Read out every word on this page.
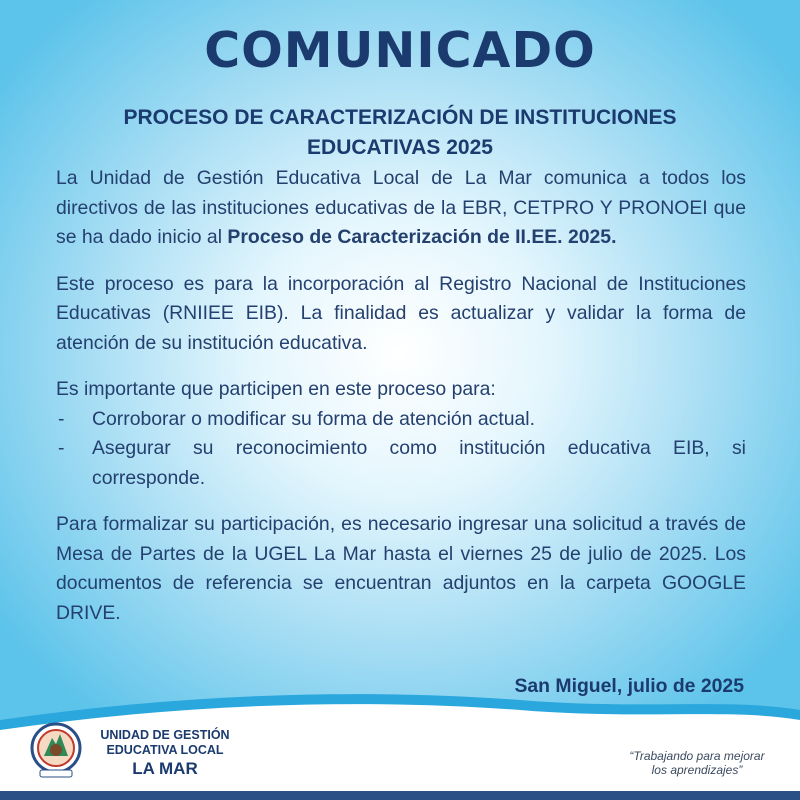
COMUNICADO
PROCESO DE CARACTERIZACIÓN DE INSTITUCIONES
EDUCATIVAS 2025

La Unidad de Gestión Educativa Local de La Mar comunica a todos los directivos de las instituciones educativas de la EBR, CETPRO Y PRONOEI que se ha dado inicio al Proceso de Caracterización de II.EE. 2025.

Este proceso es para la incorporación al Registro Nacional de Instituciones Educativas (RNIIEE EIB). La finalidad es actualizar y validar la forma de atención de su institución educativa.

Es importante que participen en este proceso para:

- Corroborar o modificar su forma de atención actual.
- Asegurar su reconocimiento como institución educativa EIB, si corresponde.

Para formalizar su participación, es necesario ingresar una solicitud a través de Mesa de Partes de la UGEL La Mar hasta el viernes 25 de julio de 2025. Los documentos de referencia se encuentran adjuntos en la carpeta GOOGLE DRIVE.

San Miguel, julio de 2025
UNIDAD DE GESTIÓN
EDUCATIVA LOCAL
LA MAR
“Trabajando para mejorar
los aprendizajes”
